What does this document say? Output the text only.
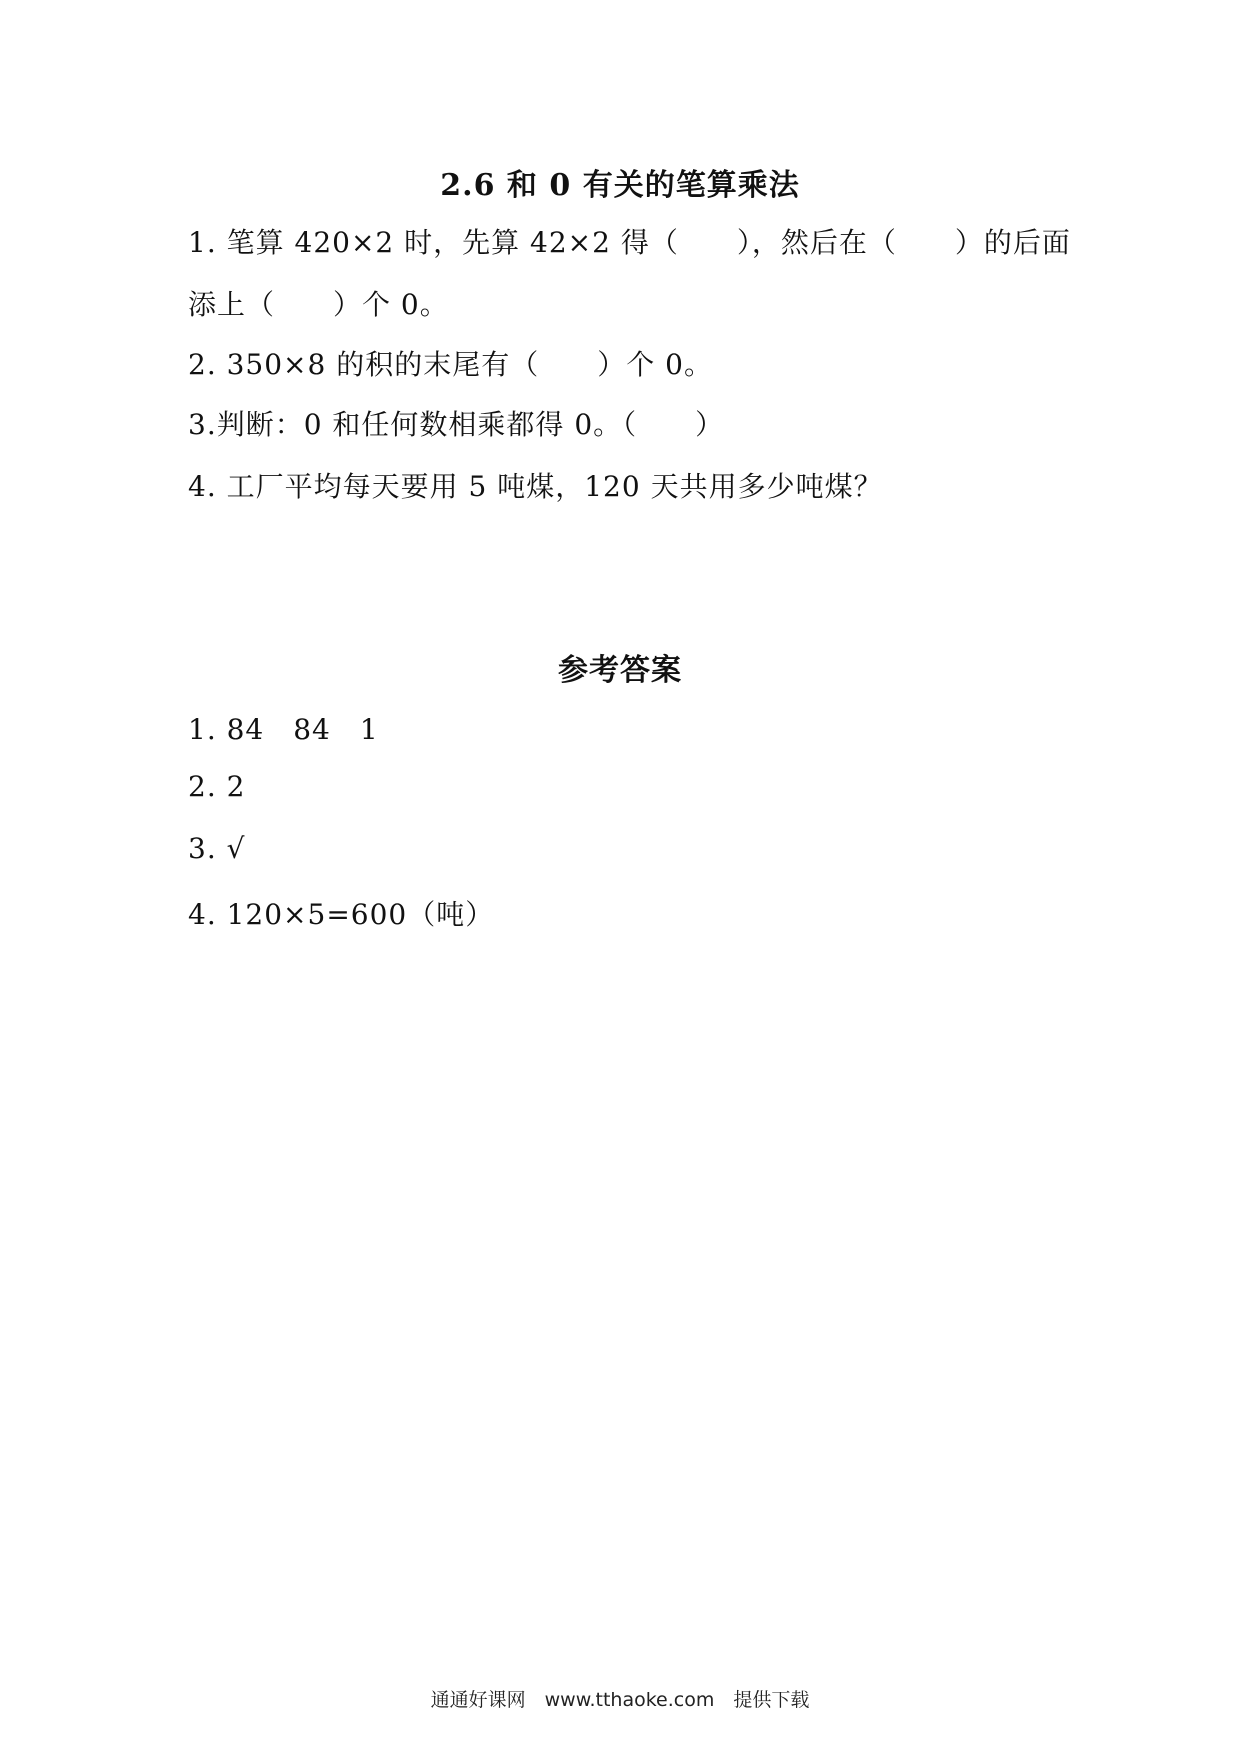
2.6 和 0 有关的笔算乘法
1. 笔算 420×2 时，先算 42×2 得（　　），然后在（　　）的后面
添上（　　）个 0。
2. 350×8 的积的末尾有（　　）个 0。
3.判断：0 和任何数相乘都得 0。（　　）
4. 工厂平均每天要用 5 吨煤，120 天共用多少吨煤？
参考答案
1. 84　84　1
2. 2
3. √
4. 120×5=600（吨）
通通好课网　www.tthaoke.com　提供下载
